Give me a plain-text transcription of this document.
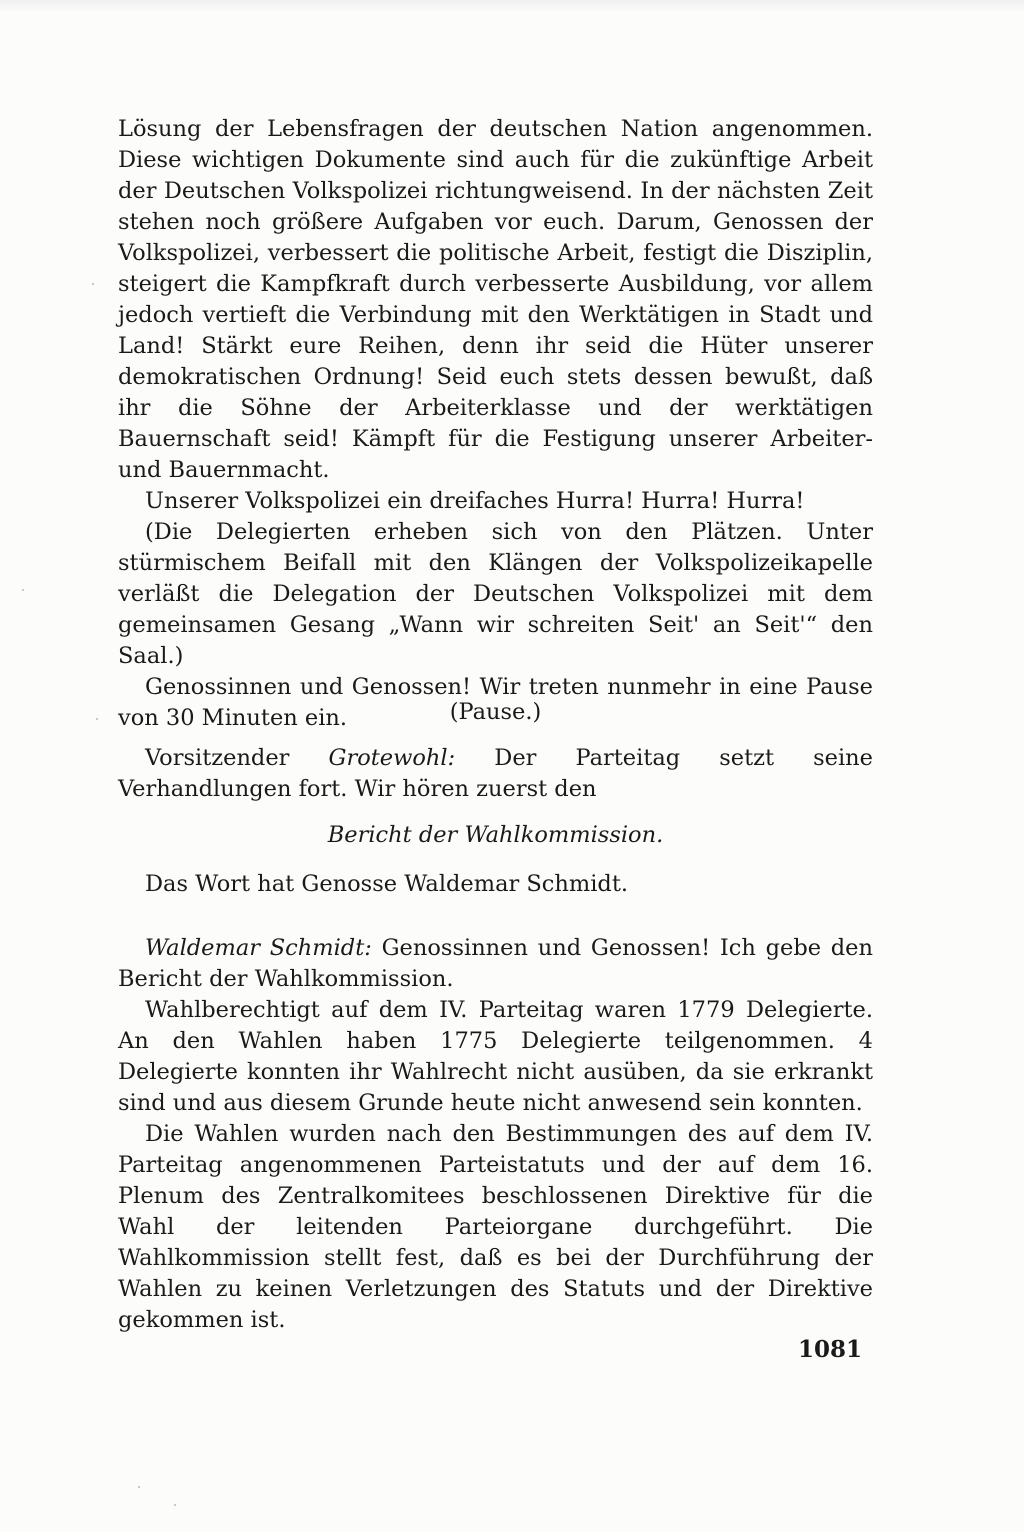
Lösung der Lebensfragen der deutschen Nation angenommen. Diese wichtigen Dokumente sind auch für die zukünftige Arbeit der Deutschen Volkspolizei richtungweisend. In der nächsten Zeit stehen noch größere Aufgaben vor euch. Darum, Genossen der Volkspolizei, verbessert die politische Arbeit, festigt die Disziplin, steigert die Kampfkraft durch verbesserte Ausbildung, vor allem jedoch vertieft die Verbindung mit den Werktätigen in Stadt und Land! Stärkt eure Reihen, denn ihr seid die Hüter unserer demokratischen Ordnung! Seid euch stets dessen bewußt, daß ihr die Söhne der Arbeiterklasse und der werktätigen Bauernschaft seid! Kämpft für die Festigung unserer Arbeiter- und Bauernmacht.

Unserer Volkspolizei ein dreifaches Hurra! Hurra! Hurra!

(Die Delegierten erheben sich von den Plätzen. Unter stürmischem Beifall mit den Klängen der Volkspolizeikapelle verläßt die Delegation der Deutschen Volkspolizei mit dem gemeinsamen Gesang „Wann wir schreiten Seit' an Seit'“ den Saal.)

Genossinnen und Genossen! Wir treten nunmehr in eine Pause von 30 Minuten ein.	(Pause.)

Vorsitzender Grotewohl: Der Parteitag setzt seine Verhandlungen fort. Wir hören zuerst den

Bericht der Wahlkommission.

Das Wort hat Genosse Waldemar Schmidt.

Waldemar Schmidt: Genossinnen und Genossen! Ich gebe den Bericht der Wahlkommission.

Wahlberechtigt auf dem IV. Parteitag waren 1779 Delegierte. An den Wahlen haben 1775 Delegierte teilgenommen. 4 Delegierte konnten ihr Wahlrecht nicht ausüben, da sie erkrankt sind und aus diesem Grunde heute nicht anwesend sein konnten.

Die Wahlen wurden nach den Bestimmungen des auf dem IV. Parteitag angenommenen Parteistatuts und der auf dem 16. Plenum des Zentralkomitees beschlossenen Direktive für die Wahl der leitenden Parteiorgane durchgeführt. Die Wahlkommission stellt fest, daß es bei der Durchführung der Wahlen zu keinen Verletzungen des Statuts und der Direktive gekommen ist.

1081
